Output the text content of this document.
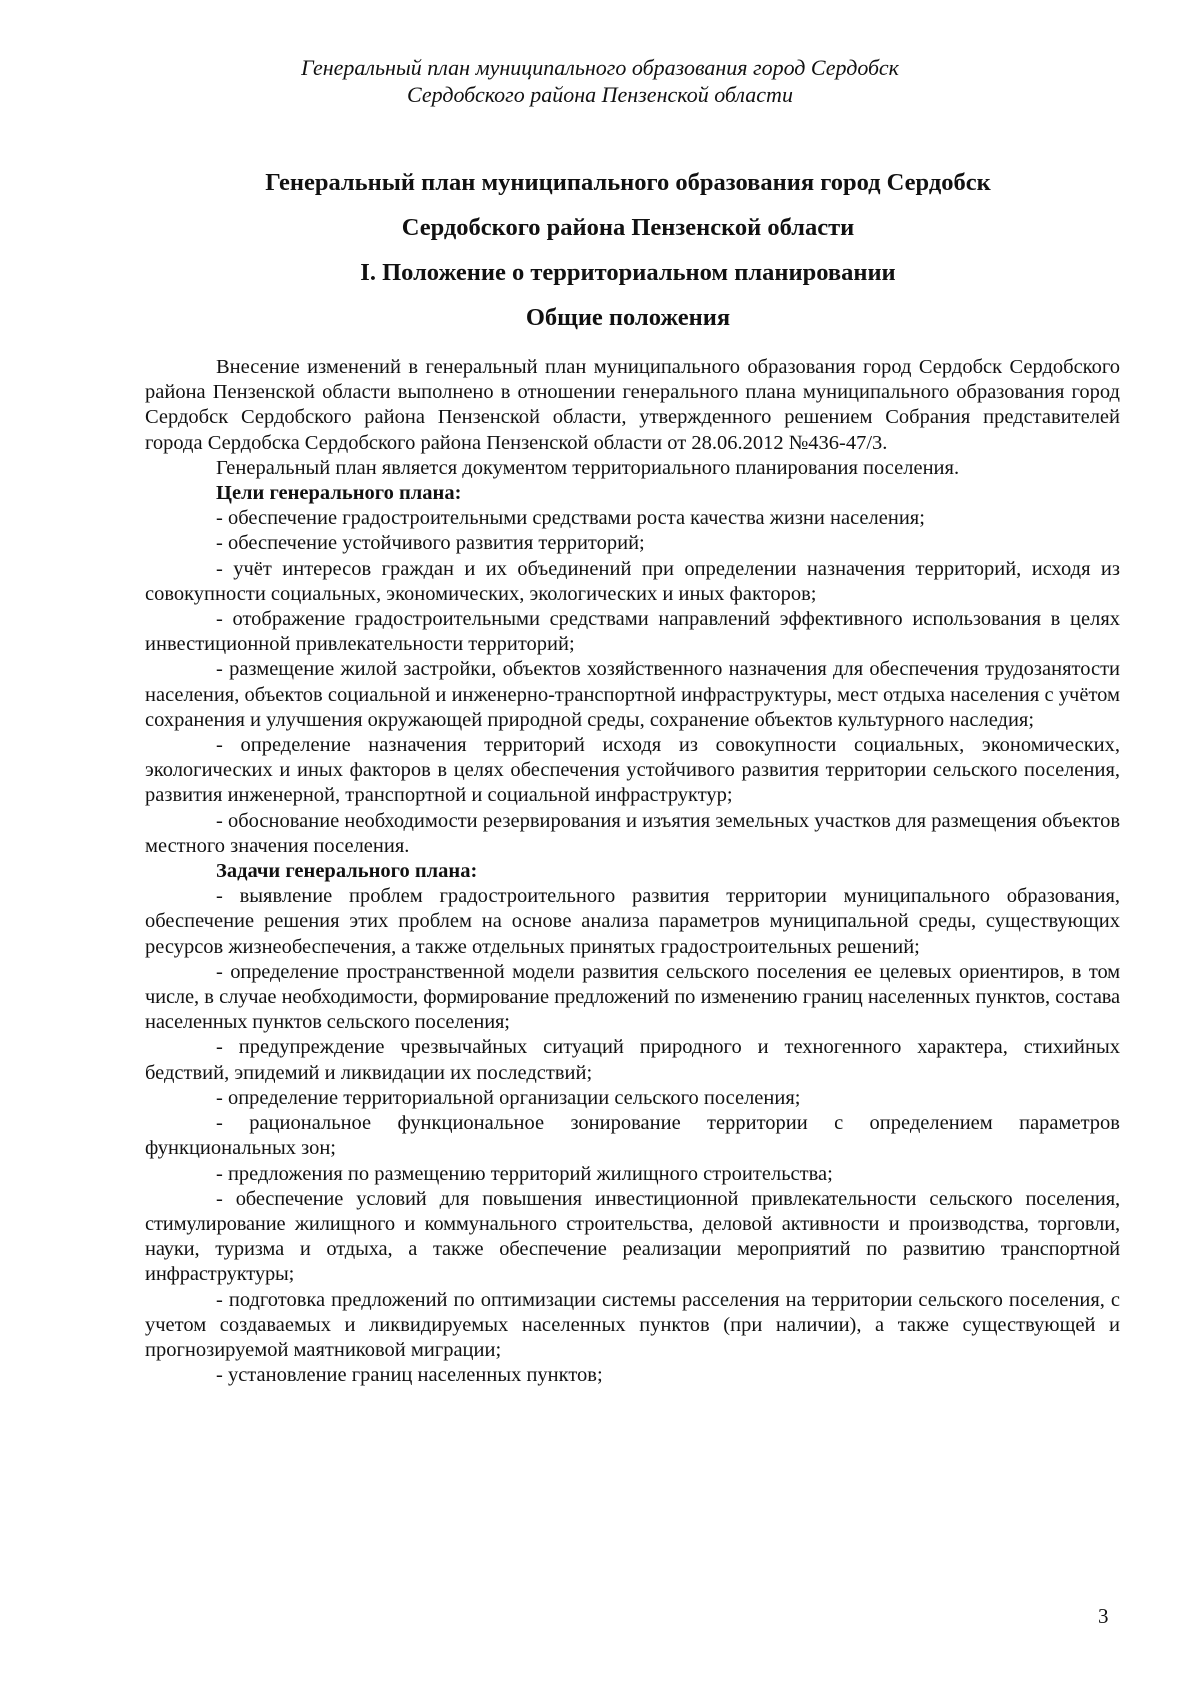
Генеральный план муниципального образования город Сердобск
Сердобского района Пензенской области
Генеральный план муниципального образования город Сердобск
Сердобского района Пензенской области
I. Положение о территориальном планировании
Общие положения

Внесение изменений в генеральный план муниципального образования город Сердобск Сердобского района Пензенской области выполнено в отношении генерального плана муниципального образования город Сердобск Сердобского района Пензенской области, утвержденного решением Собрания представителей города Сердобска Сердобского района Пензенской области от 28.06.2012 №436-47/3.

Генеральный план является документом территориального планирования поселения.

Цели генерального плана:

- обеспечение градостроительными средствами роста качества жизни населения;

- обеспечение устойчивого развития территорий;

- учёт интересов граждан и их объединений при определении назначения территорий, исходя из совокупности социальных, экономических, экологических и иных факторов;

- отображение градостроительными средствами направлений эффективного использования в целях инвестиционной привлекательности территорий;

- размещение жилой застройки, объектов хозяйственного назначения для обеспечения трудозанятости населения, объектов социальной и инженерно-транспортной инфраструктуры, мест отдыха населения с учётом сохранения и улучшения окружающей природной среды, сохранение объектов культурного наследия;

- определение назначения территорий исходя из совокупности социальных, экономических, экологических и иных факторов в целях обеспечения устойчивого развития территории сельского поселения, развития инженерной, транспортной и социальной инфраструктур;

- обоснование необходимости резервирования и изъятия земельных участков для размещения объектов местного значения поселения.

Задачи генерального плана:

- выявление проблем градостроительного развития территории муниципального образования, обеспечение решения этих проблем на основе анализа параметров муниципальной среды, существующих ресурсов жизнеобеспечения, а также отдельных принятых градостроительных решений;

- определение пространственной модели развития сельского поселения ее целевых ориентиров, в том числе, в случае необходимости, формирование предложений по изменению границ населенных пунктов, состава населенных пунктов сельского поселения;

- предупреждение чрезвычайных ситуаций природного и техногенного характера, стихийных бедствий, эпидемий и ликвидации их последствий;

- определение территориальной организации сельского поселения;

- рациональное функциональное зонирование территории с определением параметров функциональных зон;

- предложения по размещению территорий жилищного строительства;

- обеспечение условий для повышения инвестиционной привлекательности сельского поселения, стимулирование жилищного и коммунального строительства, деловой активности и производства, торговли, науки, туризма и отдыха, а также обеспечение реализации мероприятий по развитию транспортной инфраструктуры;

- подготовка предложений по оптимизации системы расселения на территории сельского поселения, с учетом создаваемых и ликвидируемых населенных пунктов (при наличии), а также существующей и прогнозируемой маятниковой миграции;

- установление границ населенных пунктов;

3
